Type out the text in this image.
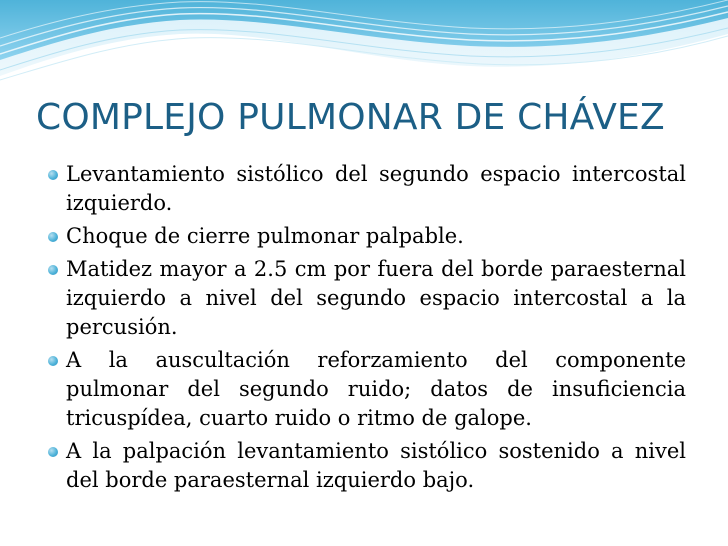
COMPLEJO PULMONAR DE CHÁVEZ
Levantamiento sistólico del segundo espacio intercostal izquierdo.
Choque de cierre pulmonar palpable.
Matidez mayor a 2.5 cm por fuera del borde paraesternal izquierdo a nivel del segundo espacio intercostal a la percusión.
A la auscultación reforzamiento del componente pulmonar del segundo ruido; datos de insuficiencia tricuspídea, cuarto ruido o ritmo de galope.
A la palpación levantamiento sistólico sostenido a nivel del borde paraesternal izquierdo bajo.
